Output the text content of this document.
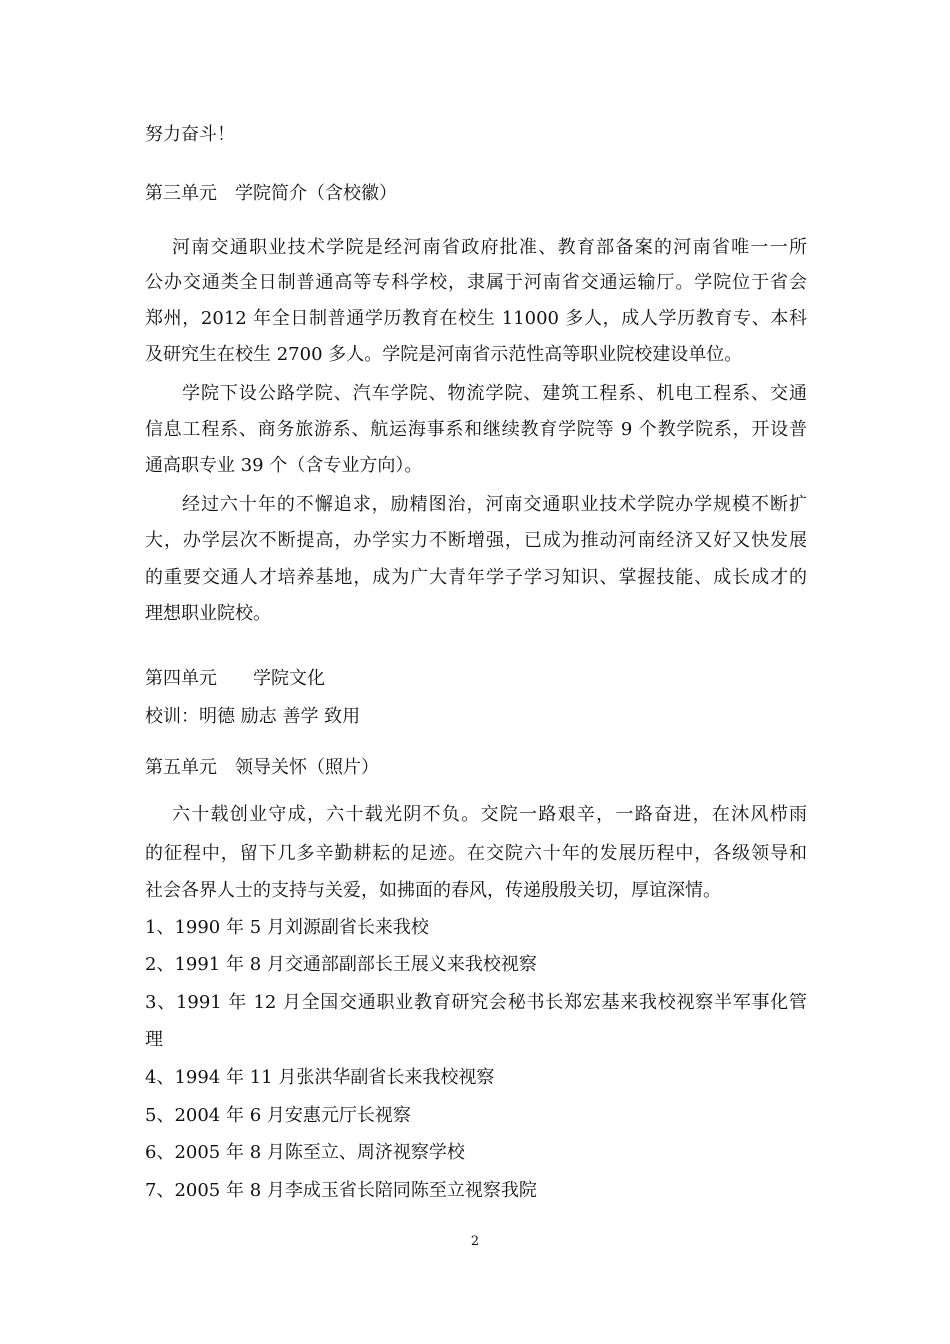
努力奋斗！
第三单元　学院简介（含校徽）
河南交通职业技术学院是经河南省政府批准、教育部备案的河南省唯一一所
公办交通类全日制普通高等专科学校，隶属于河南省交通运输厅。学院位于省会
郑州，2012 年全日制普通学历教育在校生 11000 多人，成人学历教育专、本科
及研究生在校生 2700 多人。学院是河南省示范性高等职业院校建设单位。
学院下设公路学院、汽车学院、物流学院、建筑工程系、机电工程系、交通
信息工程系、商务旅游系、航运海事系和继续教育学院等 9 个教学院系，开设普
通高职专业 39 个（含专业方向）。
经过六十年的不懈追求，励精图治，河南交通职业技术学院办学规模不断扩
大，办学层次不断提高，办学实力不断增强，已成为推动河南经济又好又快发展
的重要交通人才培养基地，成为广大青年学子学习知识、掌握技能、成长成才的
理想职业院校。
第四单元　　学院文化
校训：明德 励志 善学 致用
第五单元　领导关怀（照片）
六十载创业守成，六十载光阴不负。交院一路艰辛，一路奋进，在沐风栉雨
的征程中，留下几多辛勤耕耘的足迹。在交院六十年的发展历程中，各级领导和
社会各界人士的支持与关爱，如拂面的春风，传递殷殷关切，厚谊深情。
1、1990 年 5 月刘源副省长来我校
2、1991 年 8 月交通部副部长王展义来我校视察
3、1991 年 12 月全国交通职业教育研究会秘书长郑宏基来我校视察半军事化管
理
4、1994 年 11 月张洪华副省长来我校视察
5、2004 年 6 月安惠元厅长视察
6、2005 年 8 月陈至立、周济视察学校
7、2005 年 8 月李成玉省长陪同陈至立视察我院
2
